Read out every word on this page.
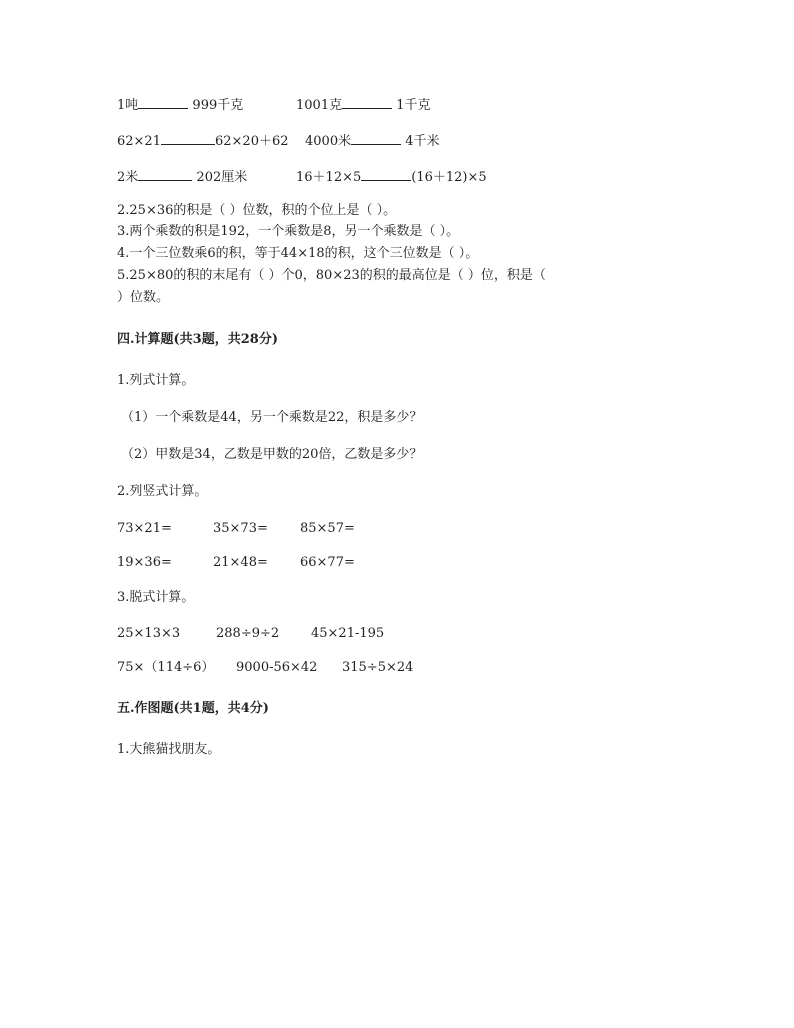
1吨	999千克	1001克	1千克
62×21	62×20＋62 4000米	4千米
2米	202厘米	16＋12×5	(16＋12)×5
2.25×36的积是（ ）位数，积的个位上是（ ）。
3.两个乘数的积是192，一个乘数是8，另一个乘数是（ ）。
4.一个三位数乘6的积，等于44×18的积，这个三位数是（ ）。
5.25×80的积的末尾有（ ）个0，80×23的积的最高位是（ ）位，积是（
）位数。
四.计算题(共3题，共28分)
1.列式计算。
（1）一个乘数是44，另一个乘数是22，积是多少？
（2）甲数是34，乙数是甲数的20倍，乙数是多少？
2.列竖式计算。
73×21=	35×73= 85×57=
19×36=	21×48= 66×77=
3.脱式计算。
25×13×3	288÷9÷2 45×21-195
75×（114÷6） 9000-56×42 315÷5×24
五.作图题(共1题，共4分)
1.大熊猫找朋友。
